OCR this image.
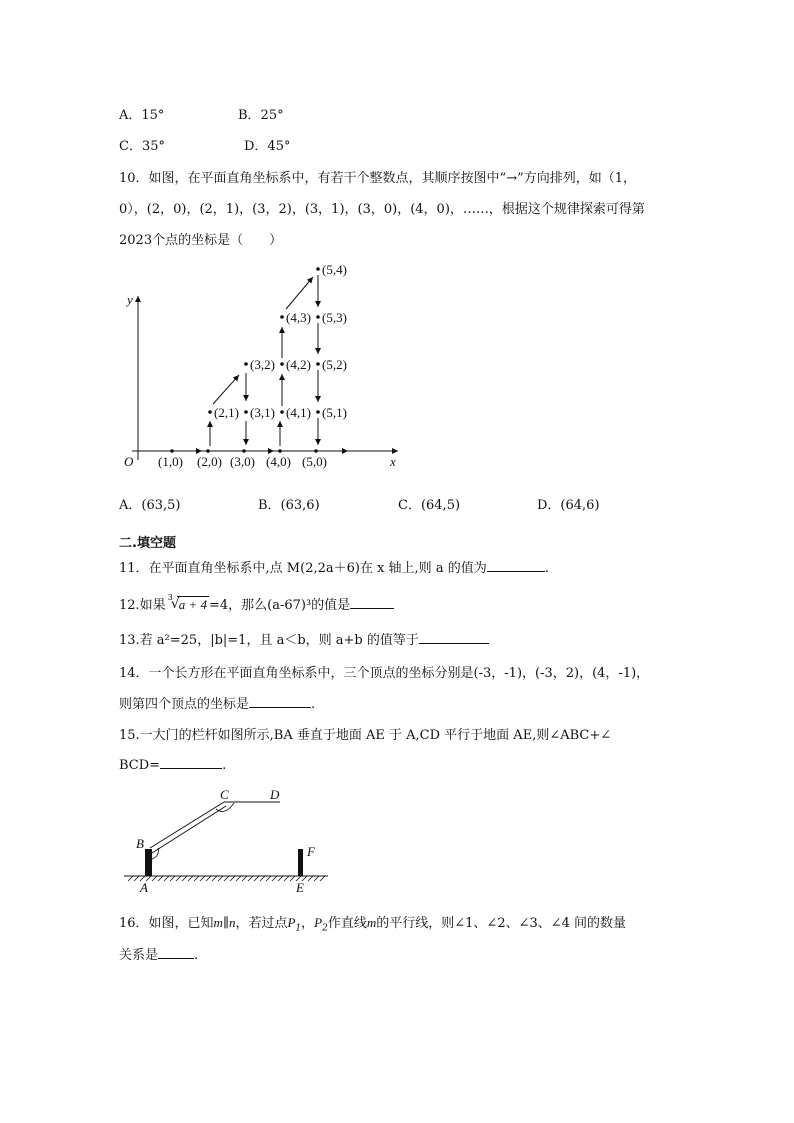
A．15°	B．25°
C．35°	D．45°
10．如图，在平面直角坐标系中，有若干个整数点，其顺序按图中“→”方向排列，如（1，
0），(2，0)，(2，1)，(3，2)，(3，1)，(3，0)，(4，0)，……，根据这个规律探索可得第
2023个点的坐标是（　　）
x
y
O (1,0) (2,0) (3,0) (4,0) (5,0)
(2,1) (3,1) (4,1) (5,1)
(3,2) (4,2) (5,2)
(4,3) (5,3)
(5,4)
A．(63,5)	B．(63,6)	C．(64,5)	D．(64,6)
二.填空题
11．在平面直角坐标系中,点 M(2,2a＋6)在 x 轴上,则 a 的值为	.
12.如果
3
√ a + 4 =4，那么(a-67)³的值是
13.若 a²=25，|b|=1，且 a＜b，则 a+b 的值等于
14．一个长方形在平面直角坐标系中，三个顶点的坐标分别是(-3，-1)，(-3，2)，(4，-1)，
则第四个顶点的坐标是	.
15.一大门的栏杆如图所示,BA 垂直于地面 AE 于 A,CD 平行于地面 AE,则∠ABC+∠
BCD=	.
A
B
C	D
E
F
16．如图，已知m∥n，若过点$P_1$，$P_2$作直线m的平行线，则∠1、∠2、∠3、∠4 间的数量
关系是	.
